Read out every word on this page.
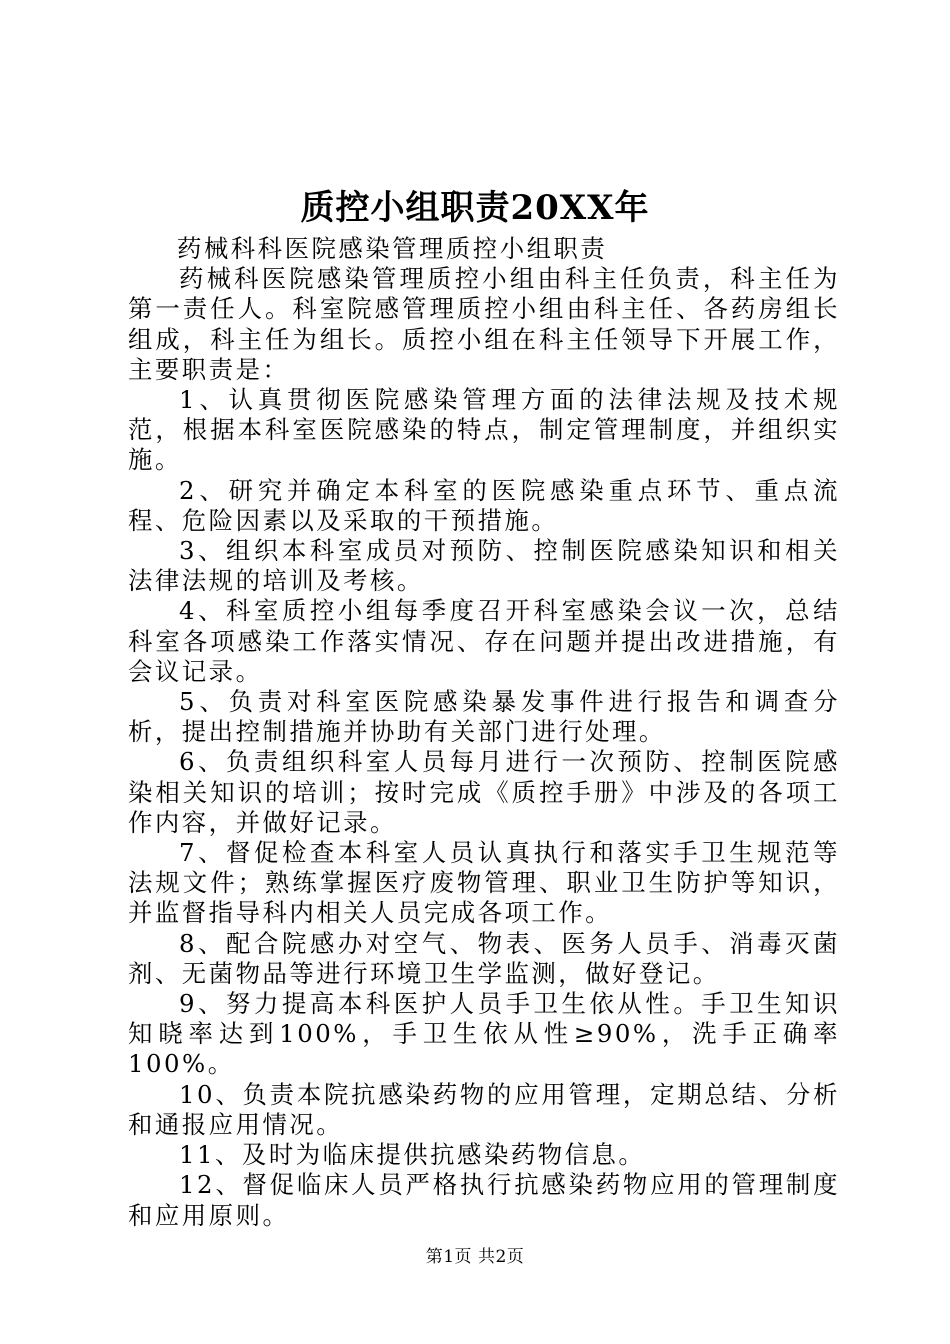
质控小组职责20XX年

药械科科医院感染管理质控小组职责

药械科医院感染管理质控小组由科主任负责，科主任为第一责任人。科室院感管理质控小组由科主任、各药房组长组成，科主任为组长。质控小组在科主任领导下开展工作，主要职责是：

1、认真贯彻医院感染管理方面的法律法规及技术规范，根据本科室医院感染的特点，制定管理制度，并组织实施。

2、研究并确定本科室的医院感染重点环节、重点流程、危险因素以及采取的干预措施。

3、组织本科室成员对预防、控制医院感染知识和相关法律法规的培训及考核。

4、科室质控小组每季度召开科室感染会议一次，总结科室各项感染工作落实情况、存在问题并提出改进措施，有会议记录。

5、负责对科室医院感染暴发事件进行报告和调查分析，提出控制措施并协助有关部门进行处理。

6、负责组织科室人员每月进行一次预防、控制医院感染相关知识的培训；按时完成《质控手册》中涉及的各项工作内容，并做好记录。

7、督促检查本科室人员认真执行和落实手卫生规范等法规文件；熟练掌握医疗废物管理、职业卫生防护等知识，并监督指导科内相关人员完成各项工作。

8、配合院感办对空气、物表、医务人员手、消毒灭菌剂、无菌物品等进行环境卫生学监测，做好登记。

9、努力提高本科医护人员手卫生依从性。手卫生知识知晓率达到100%，手卫生依从性≥90%，洗手正确率100%。

10、负责本院抗感染药物的应用管理，定期总结、分析和通报应用情况。

11、及时为临床提供抗感染药物信息。

12、督促临床人员严格执行抗感染药物应用的管理制度和应用原则。

第1页 共2页
